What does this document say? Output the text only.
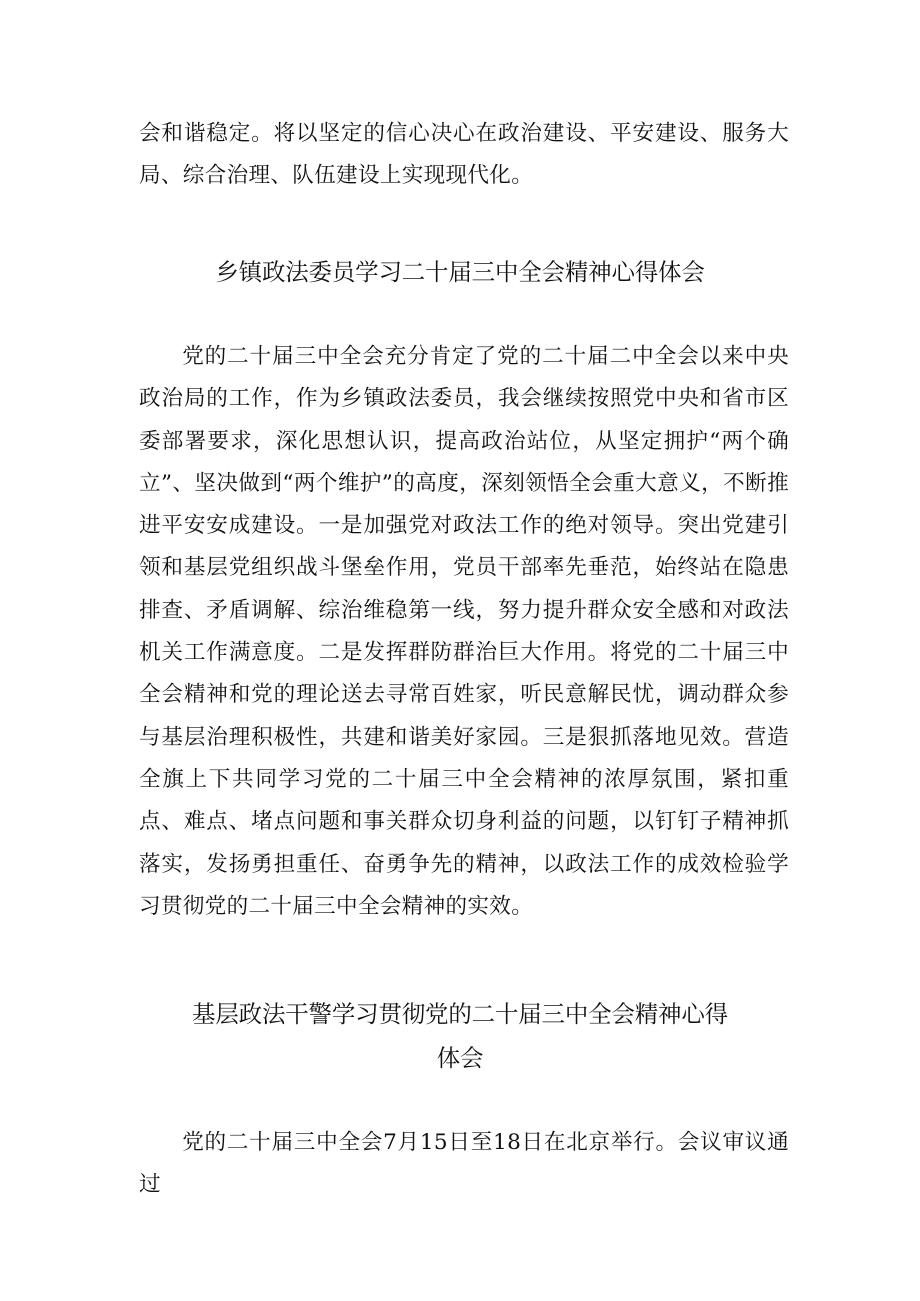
会和谐稳定。将以坚定的信心决心在政治建设、平安建设、服务大局、综合治理、队伍建设上实现现代化。

乡镇政法委员学习二十届三中全会精神心得体会

党的二十届三中全会充分肯定了党的二十届二中全会以来中央政治局的工作，作为乡镇政法委员，我会继续按照党中央和省市区委部署要求，深化思想认识，提高政治站位，从坚定拥护“两个确立”、坚决做到“两个维护”的高度，深刻领悟全会重大意义，不断推进平安安成建设。一是加强党对政法工作的绝对领导。突出党建引领和基层党组织战斗堡垒作用，党员干部率先垂范，始终站在隐患排查、矛盾调解、综治维稳第一线，努力提升群众安全感和对政法机关工作满意度。二是发挥群防群治巨大作用。将党的二十届三中全会精神和党的理论送去寻常百姓家，听民意解民忧，调动群众参与基层治理积极性，共建和谐美好家园。三是狠抓落地见效。营造全旗上下共同学习党的二十届三中全会精神的浓厚氛围，紧扣重点、难点、堵点问题和事关群众切身利益的问题，以钉钉子精神抓落实，发扬勇担重任、奋勇争先的精神，以政法工作的成效检验学习贯彻党的二十届三中全会精神的实效。

基层政法干警学习贯彻党的二十届三中全会精神心得
体会

党的二十届三中全会7月15日至18日在北京举行。会议审议通过
